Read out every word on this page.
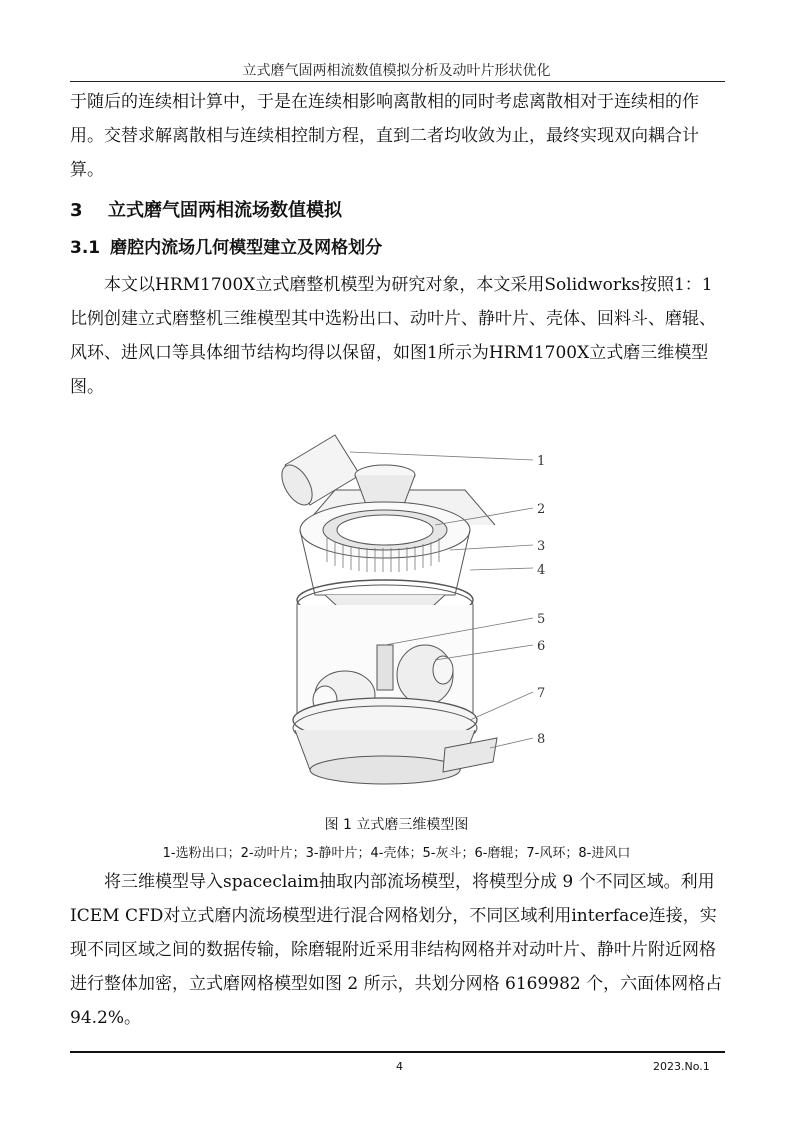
立式磨气固两相流数值模拟分析及动叶片形状优化

于随后的连续相计算中，于是在连续相影响离散相的同时考虑离散相对于连续相的作用。交替求解离散相与连续相控制方程，直到二者均收敛为止，最终实现双向耦合计算。

3 立式磨气固两相流场数值模拟
3.1 磨腔内流场几何模型建立及网格划分

本文以HRM1700X立式磨整机模型为研究对象，本文采用Solidworks按照1：1比例创建立式磨整机三维模型其中选粉出口、动叶片、静叶片、壳体、回料斗、磨辊、风环、进风口等具体细节结构均得以保留，如图1所示为HRM1700X立式磨三维模型图。

1
2
3
4
5
6
7
8
图 1 立式磨三维模型图
1-选粉出口；2-动叶片；3-静叶片；4-壳体；5-灰斗；6-磨辊；7-风环；8-进风口

将三维模型导入spaceclaim抽取内部流场模型，将模型分成 9 个不同区域。利用ICEM CFD对立式磨内流场模型进行混合网格划分，不同区域利用interface连接，实现不同区域之间的数据传输，除磨辊附近采用非结构网格并对动叶片、静叶片附近网格进行整体加密，立式磨网格模型如图 2 所示，共划分网格 6169982 个，六面体网格占 94.2%。

4	2023.No.1
